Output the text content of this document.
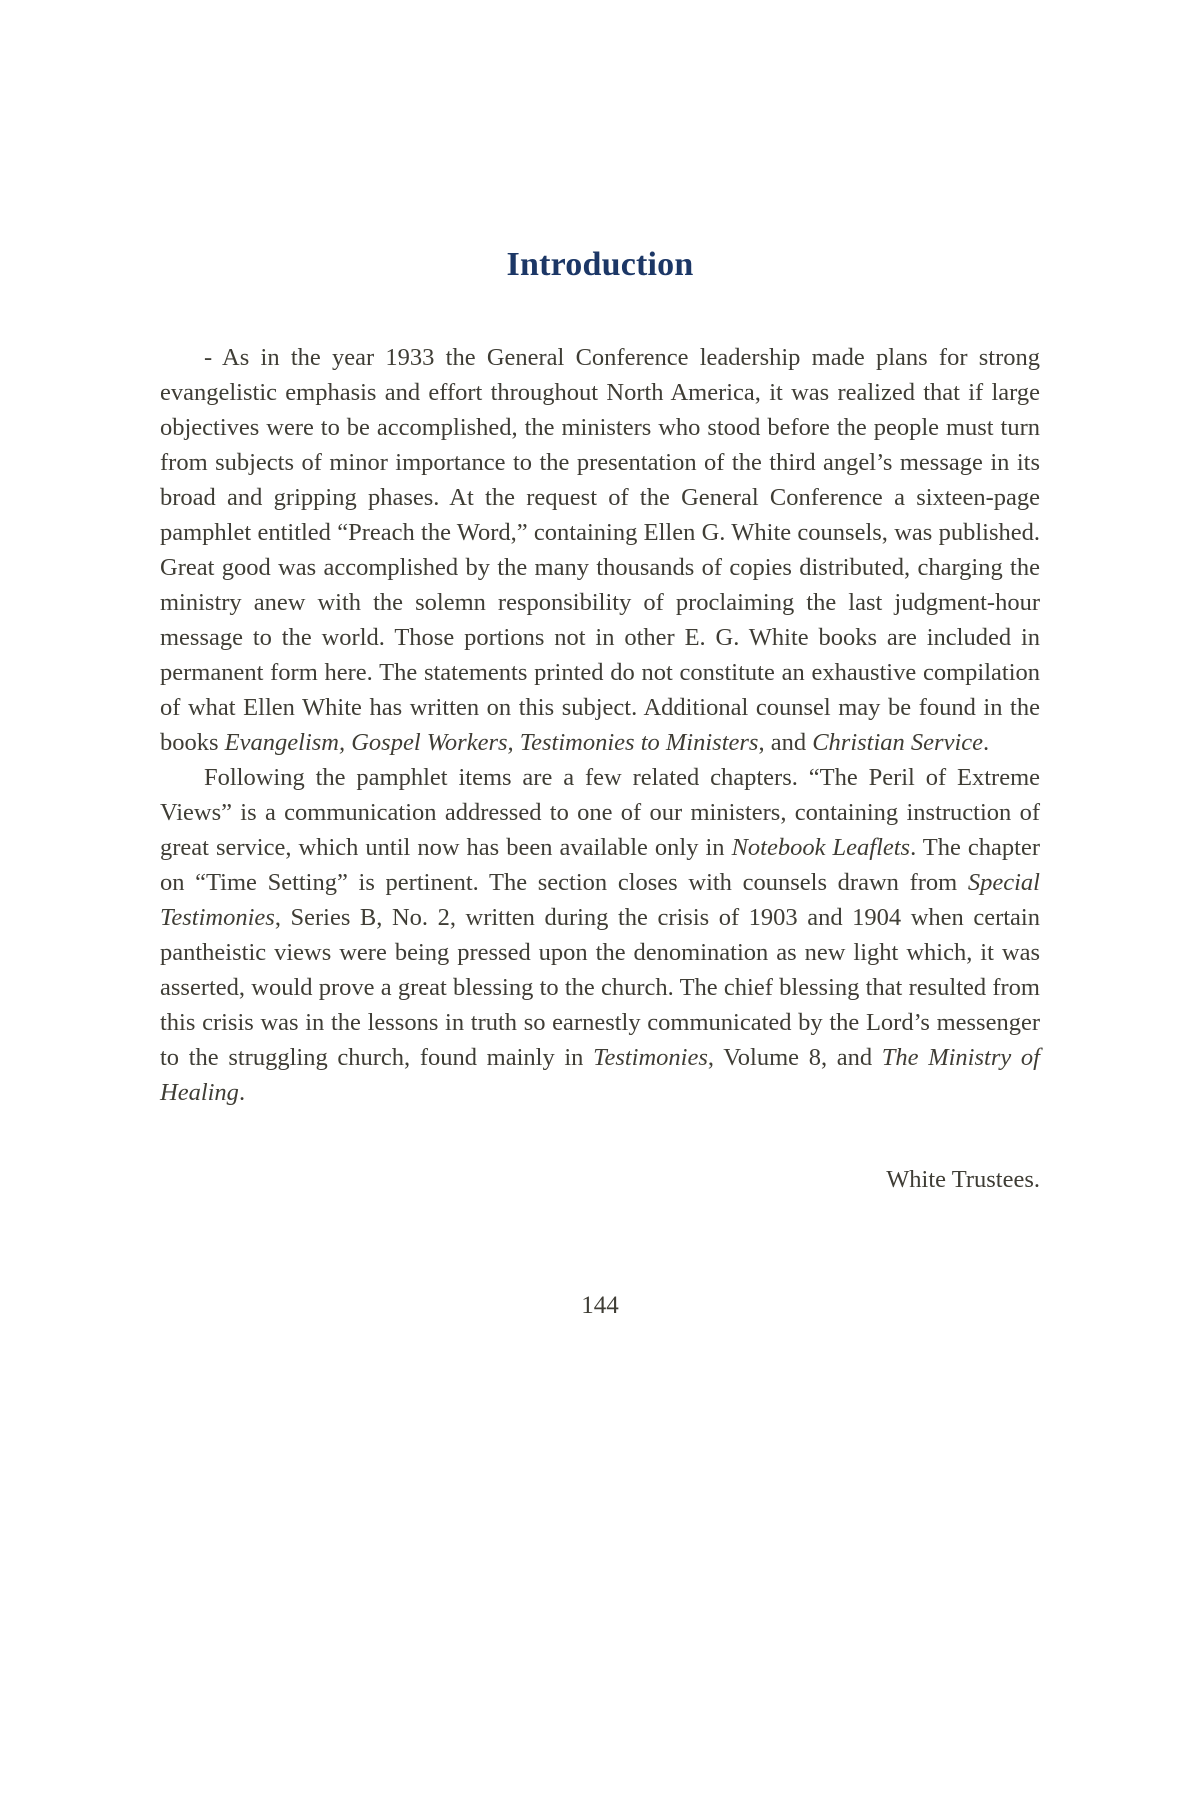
Introduction

- As in the year 1933 the General Conference leadership made plans for strong evangelistic emphasis and effort throughout North America, it was realized that if large objectives were to be accomplished, the ministers who stood before the people must turn from subjects of minor importance to the presentation of the third angel’s message in its broad and gripping phases. At the request of the General Conference a sixteen-page pamphlet entitled “Preach the Word,” containing Ellen G. White counsels, was published. Great good was accomplished by the many thousands of copies distributed, charging the ministry anew with the solemn responsibility of proclaiming the last judgment-hour message to the world. Those portions not in other E. G. White books are included in permanent form here. The statements printed do not constitute an exhaustive compilation of what Ellen White has written on this subject. Additional counsel may be found in the books Evangelism, Gospel Workers, Testimonies to Ministers, and Christian Service.

Following the pamphlet items are a few related chapters. “The Peril of Extreme Views” is a communication addressed to one of our ministers, containing instruction of great service, which until now has been available only in Notebook Leaflets. The chapter on “Time Setting” is pertinent. The section closes with counsels drawn from Special Testimonies, Series B, No. 2, written during the crisis of 1903 and 1904 when certain pantheistic views were being pressed upon the denomination as new light which, it was asserted, would prove a great blessing to the church. The chief blessing that resulted from this crisis was in the lessons in truth so earnestly communicated by the Lord’s messenger to the struggling church, found mainly in Testimonies, Volume 8, and The Ministry of Healing.

White Trustees.
144
